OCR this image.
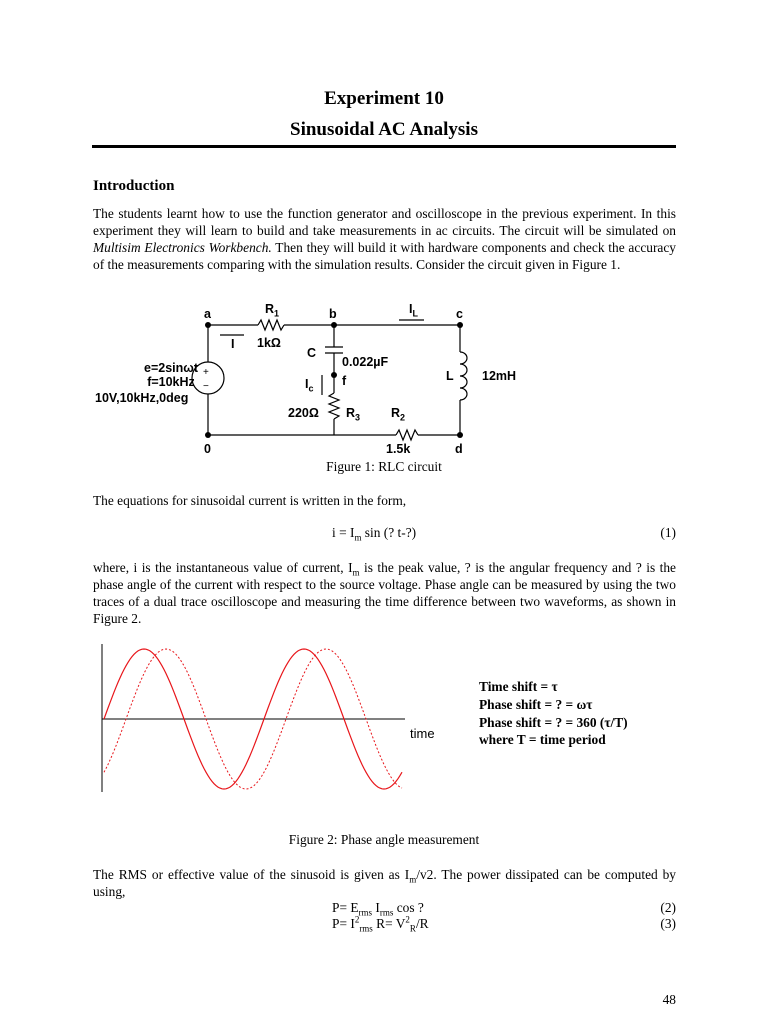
Experiment 10
Sinusoidal AC Analysis
Introduction
The students learnt how to use the function generator and oscilloscope in the previous experiment. In this experiment they will learn to build and take measurements in ac circuits. The circuit will be simulated on Multisim Electronics Workbench. Then they will build it with hardware components and check the accuracy of the measurements comparing with the simulation results. Consider the circuit given in Figure 1.
a	b	c
$R_1$	$I_L$
I 1kΩ
C
0.022µF
f
$I_c$
e=2sinωt
f=10kHz
10V,10kHz,0deg
+
−
220Ω $R_3$ $R_2$
1.5k
L 12mH
0	d
Figure 1: RLC circuit
The equations for sinusoidal current is written in the form,
$i = I_m$ sin (? t-?)	(1)
where, i is the instantaneous value of current, $I_m$ is the peak value, ? is the angular frequency and ? is the phase angle of the current with respect to the source voltage. Phase angle can be measured by using the two traces of a dual trace oscilloscope and measuring the time difference between two waveforms, as shown in Figure 2.
time
Time shift = τ
Phase shift = ? = ωτ
Phase shift = ? = 360 (τ/T)
where T = time period
Figure 2: Phase angle measurement
The RMS or effective value of the sinusoid is given as $I_m/v2$. The power dissipated can be computed by using,
$P= E_{rms}$ $I_{rms}$ cos ?	(2)
$P= I^2_{rms}$ $R= V^2_R/R$	(3)
48
